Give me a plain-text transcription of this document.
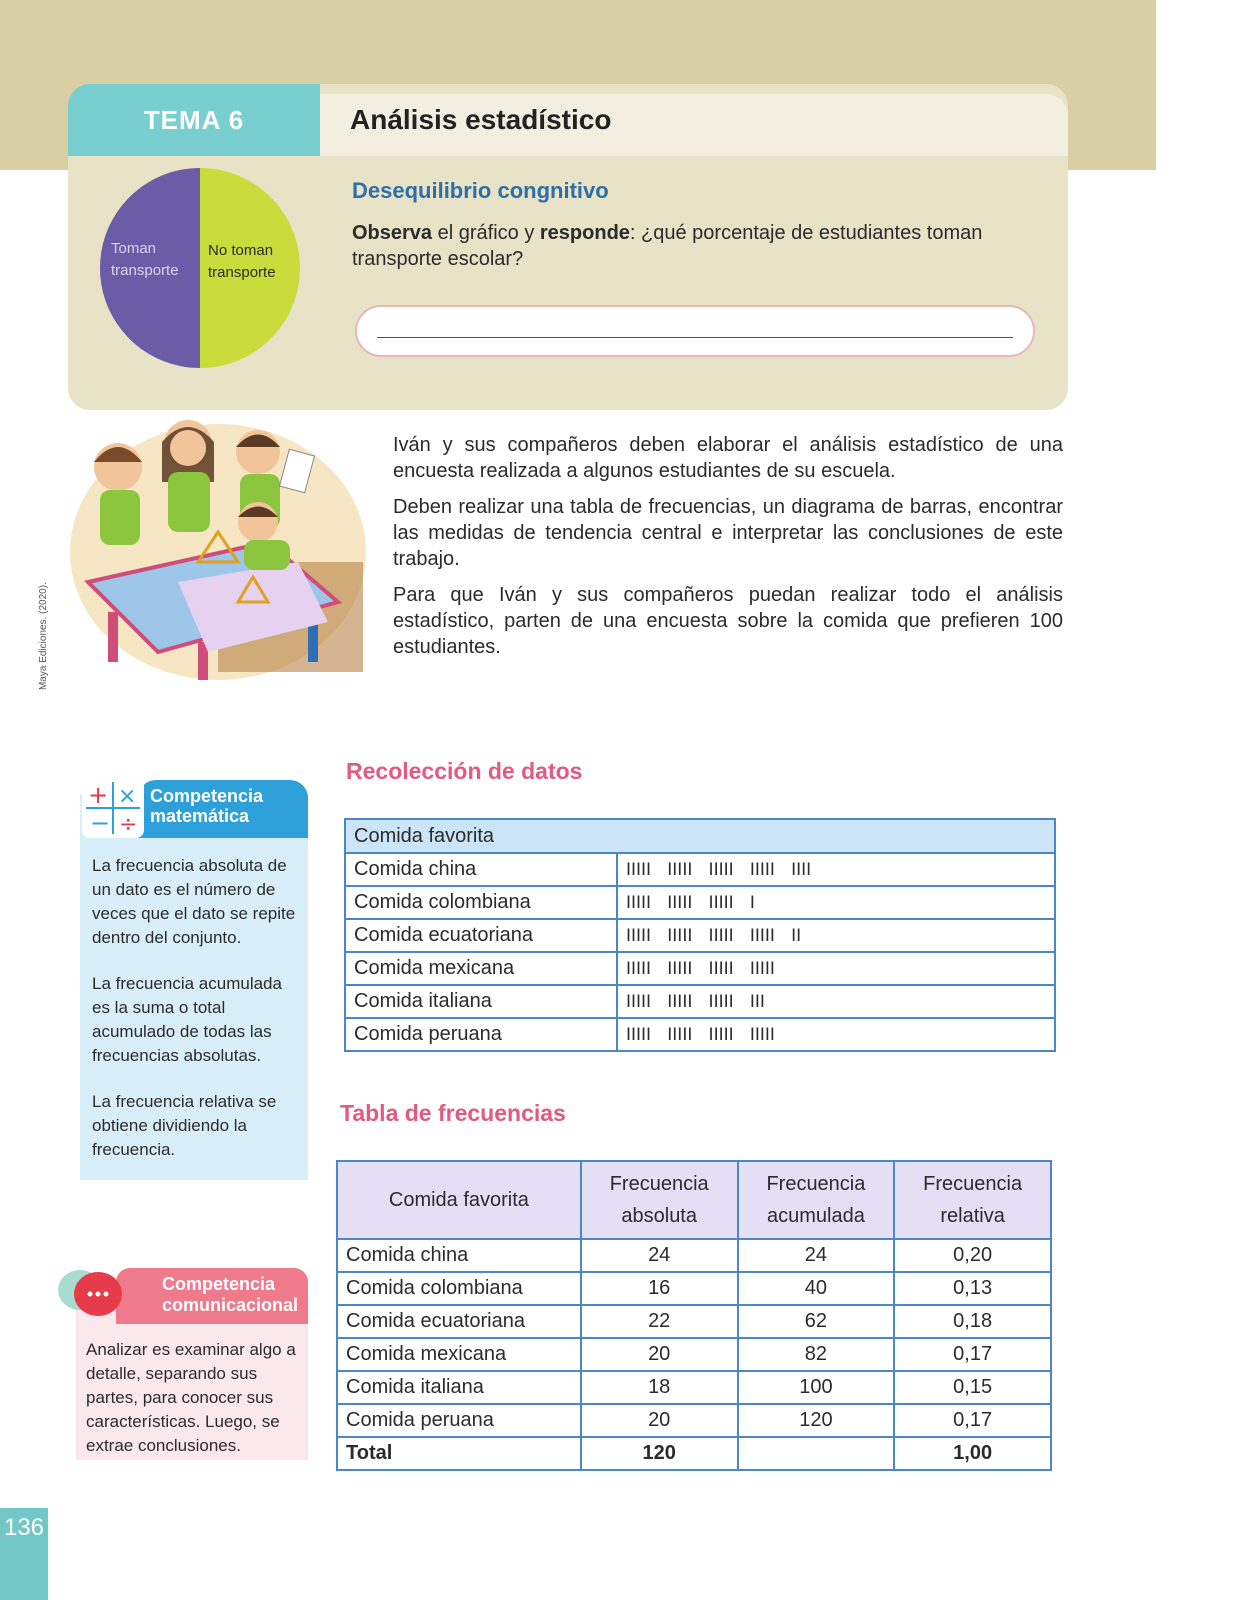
TEMA 6	Análisis estadístico
Toman transporte
No toman transporte
Desequilibrio congnitivo
Observa el gráfico y responde: ¿qué porcentaje de estudiantes toman transporte escolar?
Maya Ediciones. (2020).

Iván y sus compañeros deben elaborar el análisis estadístico de una encuesta realizada a algunos estudiantes de su escuela.

Deben realizar una tabla de frecuencias, un diagrama de barras, encontrar las medidas de tendencia central e interpretar las conclusiones de este trabajo.

Para que Iván y sus compañeros puedan realizar todo el análisis estadístico, parten de una encuesta sobre la comida que prefieren 100 estudiantes.

Competencia
matemática
+ ×
− ÷

La frecuencia absoluta de un dato es el número de veces que el dato se repite dentro del conjunto.

La frecuencia acumulada es la suma o total acumulado de todas las frecuencias absolutas.

La frecuencia relativa se obtiene dividiendo la frecuencia.

Competencia
comunicacional
Analizar es examinar algo a detalle, separando sus partes, para conocer sus características. Luego, se extrae conclusiones.
Recolección de datos
Comida favorita	
Comida china	IIIII   IIIII   IIIII   IIIII   IIII
Comida colombiana	IIIII   IIIII   IIIII   I
Comida ecuatoriana	IIIII   IIIII   IIIII   IIIII   II
Comida mexicana	IIIII   IIIII   IIIII   IIIII
Comida italiana	IIIII   IIIII   IIIII   III
Comida peruana	IIIII   IIIII   IIIII   IIIII
Tabla de frecuencias
Comida favorita	Frecuencia absoluta	Frecuencia acumulada	Frecuencia relativa
Comida china	24	24	0,20
Comida colombiana	16	40	0,13
Comida ecuatoriana	22	62	0,18
Comida mexicana	20	82	0,17
Comida italiana	18	100	0,15
Comida peruana	20	120	0,17
Total	120		1,00
136
